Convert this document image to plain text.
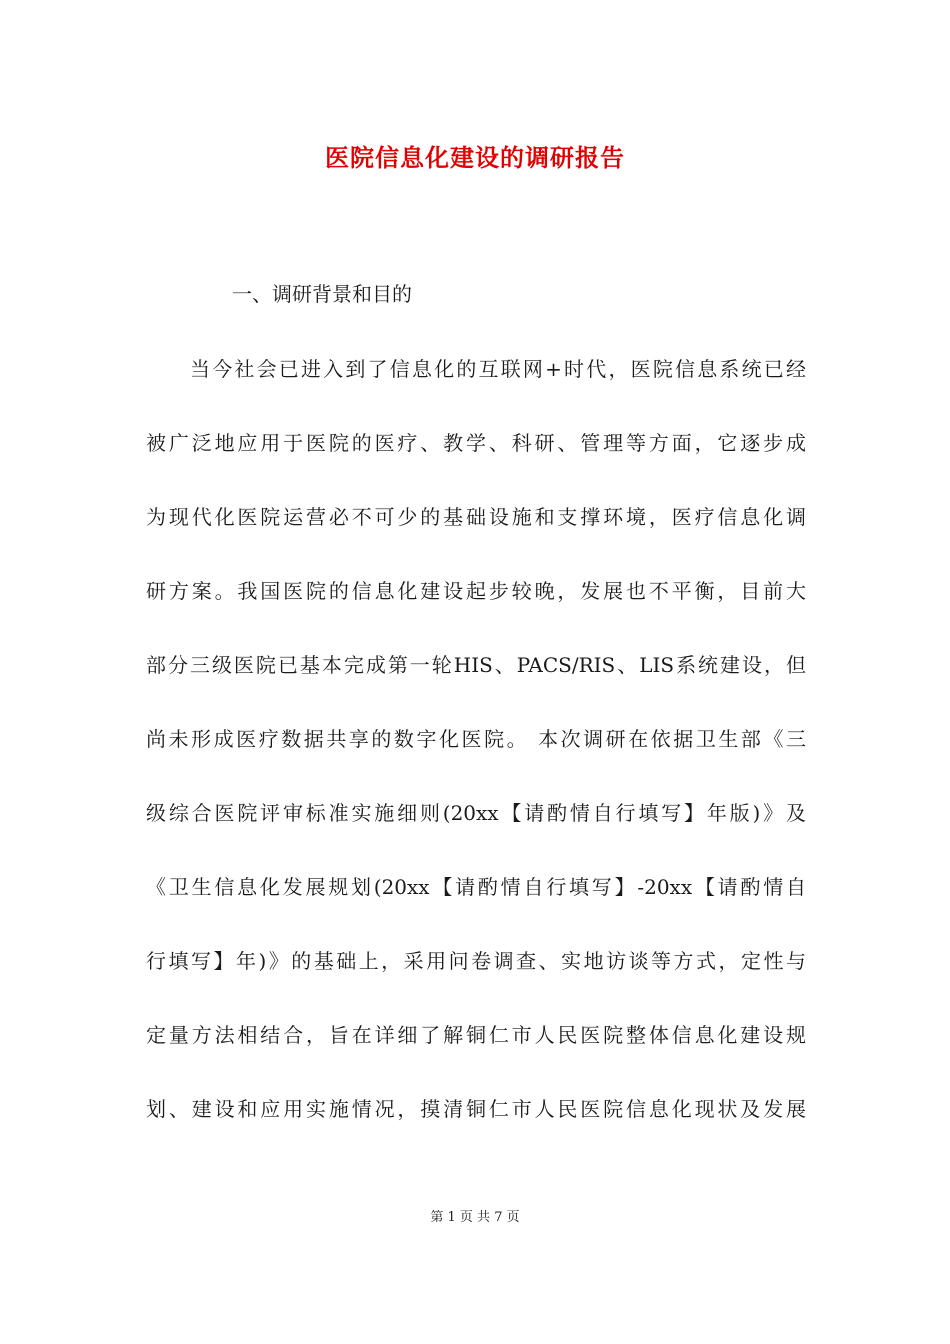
医院信息化建设的调研报告
一、调研背景和目的
当今社会已进入到了信息化的互联网+时代，医院信息系统已经
被广泛地应用于医院的医疗、教学、科研、管理等方面，它逐步成
为现代化医院运营必不可少的基础设施和支撑环境，医疗信息化调
研方案。我国医院的信息化建设起步较晚，发展也不平衡，目前大
部分三级医院已基本完成第一轮HIS、PACS/RIS、LIS系统建设，但
尚未形成医疗数据共享的数字化医院。 本次调研在依据卫生部《三
级综合医院评审标准实施细则(20xx【请酌情自行填写】年版)》及
《卫生信息化发展规划(20xx【请酌情自行填写】-20xx【请酌情自
行填写】年)》的基础上，采用问卷调查、实地访谈等方式，定性与
定量方法相结合，旨在详细了解铜仁市人民医院整体信息化建设规
划、建设和应用实施情况，摸清铜仁市人民医院信息化现状及发展
第 1 页 共 7 页
